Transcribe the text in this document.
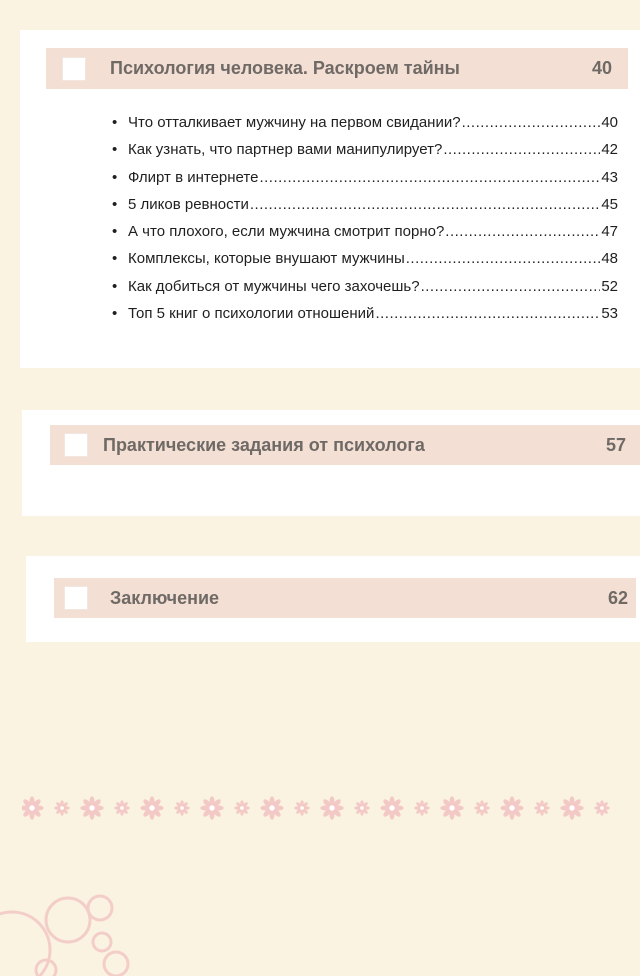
Психология человека. Раскроем тайны	40
• Что отталкивает мужчину на первом свидании? .....	40
• Как узнать, что партнер вами манипулирует? .....	42
• Флирт в интернете .....	43
• 5 ликов ревности .....	45
• А что плохого, если мужчина смотрит порно? .....	47
• Комплексы, которые внушают мужчины .....	48
• Как добиться от мужчины чего захочешь? .....	52
• Топ 5 книг о психологии отношений .....	53
Практические задания от психолога	57
Заключение	62
